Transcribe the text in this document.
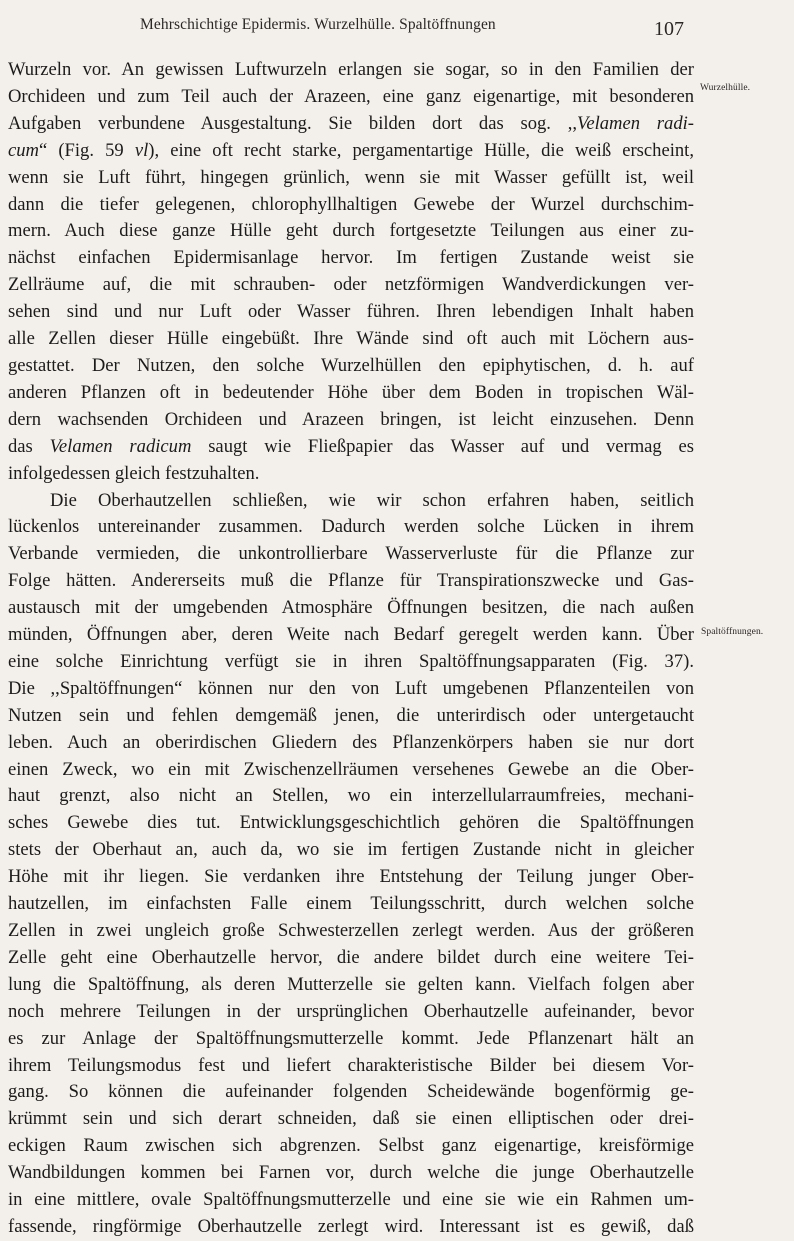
Mehrschichtige Epidermis. Wurzelhülle. Spaltöffnungen	107
Wurzelhülle.
Spaltöffnungen.
Wurzeln vor. An gewissen Luftwurzeln erlangen sie sogar, so in den Familien der
Orchideen und zum Teil auch der Arazeen, eine ganz eigenartige, mit besonderen
Aufgaben verbundene Ausgestaltung. Sie bilden dort das sog. ,,Velamen radi-
cum“ (Fig. 59 vl), eine oft recht starke, pergamentartige Hülle, die weiß erscheint,
wenn sie Luft führt, hingegen grünlich, wenn sie mit Wasser gefüllt ist, weil
dann die tiefer gelegenen, chlorophyllhaltigen Gewebe der Wurzel durchschim-
mern. Auch diese ganze Hülle geht durch fortgesetzte Teilungen aus einer zu-
nächst einfachen Epidermisanlage hervor. Im fertigen Zustande weist sie
Zellräume auf, die mit schrauben- oder netzförmigen Wandverdickungen ver-
sehen sind und nur Luft oder Wasser führen. Ihren lebendigen Inhalt haben
alle Zellen dieser Hülle eingebüßt. Ihre Wände sind oft auch mit Löchern aus-
gestattet. Der Nutzen, den solche Wurzelhüllen den epiphytischen, d. h. auf
anderen Pflanzen oft in bedeutender Höhe über dem Boden in tropischen Wäl-
dern wachsenden Orchideen und Arazeen bringen, ist leicht einzusehen. Denn
das Velamen radicum saugt wie Fließpapier das Wasser auf und vermag es
infolgedessen gleich festzuhalten.
Die Oberhautzellen schließen, wie wir schon erfahren haben, seitlich
lückenlos untereinander zusammen. Dadurch werden solche Lücken in ihrem
Verbande vermieden, die unkontrollierbare Wasserverluste für die Pflanze zur
Folge hätten. Andererseits muß die Pflanze für Transpirationszwecke und Gas-
austausch mit der umgebenden Atmosphäre Öffnungen besitzen, die nach außen
münden, Öffnungen aber, deren Weite nach Bedarf geregelt werden kann. Über
eine solche Einrichtung verfügt sie in ihren Spaltöffnungsapparaten (Fig. 37).
Die ,,Spaltöffnungen“ können nur den von Luft umgebenen Pflanzenteilen von
Nutzen sein und fehlen demgemäß jenen, die unterirdisch oder untergetaucht
leben. Auch an oberirdischen Gliedern des Pflanzenkörpers haben sie nur dort
einen Zweck, wo ein mit Zwischenzellräumen versehenes Gewebe an die Ober-
haut grenzt, also nicht an Stellen, wo ein interzellularraumfreies, mechani-
sches Gewebe dies tut. Entwicklungsgeschichtlich gehören die Spaltöffnungen
stets der Oberhaut an, auch da, wo sie im fertigen Zustande nicht in gleicher
Höhe mit ihr liegen. Sie verdanken ihre Entstehung der Teilung junger Ober-
hautzellen, im einfachsten Falle einem Teilungsschritt, durch welchen solche
Zellen in zwei ungleich große Schwesterzellen zerlegt werden. Aus der größeren
Zelle geht eine Oberhautzelle hervor, die andere bildet durch eine weitere Tei-
lung die Spaltöffnung, als deren Mutterzelle sie gelten kann. Vielfach folgen aber
noch mehrere Teilungen in der ursprünglichen Oberhautzelle aufeinander, bevor
es zur Anlage der Spaltöffnungsmutterzelle kommt. Jede Pflanzenart hält an
ihrem Teilungsmodus fest und liefert charakteristische Bilder bei diesem Vor-
gang. So können die aufeinander folgenden Scheidewände bogenförmig ge-
krümmt sein und sich derart schneiden, daß sie einen elliptischen oder drei-
eckigen Raum zwischen sich abgrenzen. Selbst ganz eigenartige, kreisförmige
Wandbildungen kommen bei Farnen vor, durch welche die junge Oberhautzelle
in eine mittlere, ovale Spaltöffnungsmutterzelle und eine sie wie ein Rahmen um-
fassende, ringförmige Oberhautzelle zerlegt wird. Interessant ist es gewiß, daß
